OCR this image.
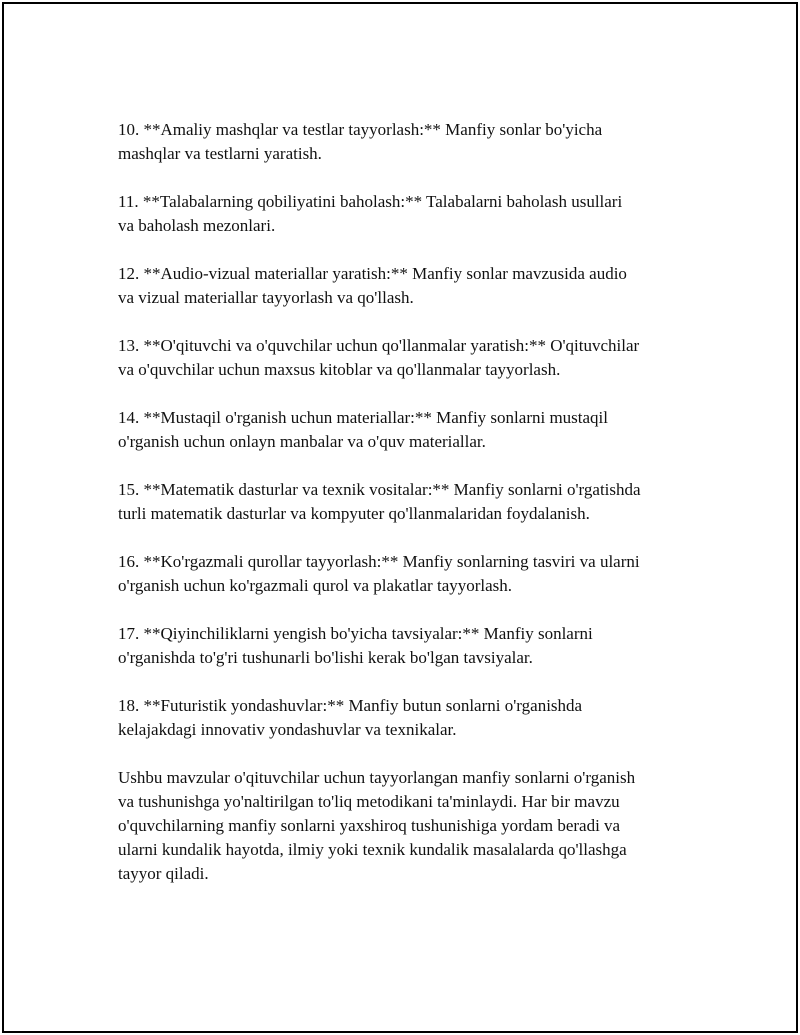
10. **Amaliy mashqlar va testlar tayyorlash:** Manfiy sonlar bo'yicha
mashqlar va testlarni yaratish.

11. **Talabalarning qobiliyatini baholash:** Talabalarni baholash usullari
va baholash mezonlari.

12. **Audio-vizual materiallar yaratish:** Manfiy sonlar mavzusida audio
va vizual materiallar tayyorlash va qo'llash.

13. **O'qituvchi va o'quvchilar uchun qo'llanmalar yaratish:** O'qituvchilar
va o'quvchilar uchun maxsus kitoblar va qo'llanmalar tayyorlash.

14. **Mustaqil o'rganish uchun materiallar:** Manfiy sonlarni mustaqil
o'rganish uchun onlayn manbalar va o'quv materiallar.

15. **Matematik dasturlar va texnik vositalar:** Manfiy sonlarni o'rgatishda
turli matematik dasturlar va kompyuter qo'llanmalaridan foydalanish.

16. **Ko'rgazmali qurollar tayyorlash:** Manfiy sonlarning tasviri va ularni
o'rganish uchun ko'rgazmali qurol va plakatlar tayyorlash.

17. **Qiyinchiliklarni yengish bo'yicha tavsiyalar:** Manfiy sonlarni
o'rganishda to'g'ri tushunarli bo'lishi kerak bo'lgan tavsiyalar.

18. **Futuristik yondashuvlar:** Manfiy butun sonlarni o'rganishda
kelajakdagi innovativ yondashuvlar va texnikalar.

Ushbu mavzular o'qituvchilar uchun tayyorlangan manfiy sonlarni o'rganish
va tushunishga yo'naltirilgan to'liq metodikani ta'minlaydi. Har bir mavzu
o'quvchilarning manfiy sonlarni yaxshiroq tushunishiga yordam beradi va
ularni kundalik hayotda, ilmiy yoki texnik kundalik masalalarda qo'llashga
tayyor qiladi.
